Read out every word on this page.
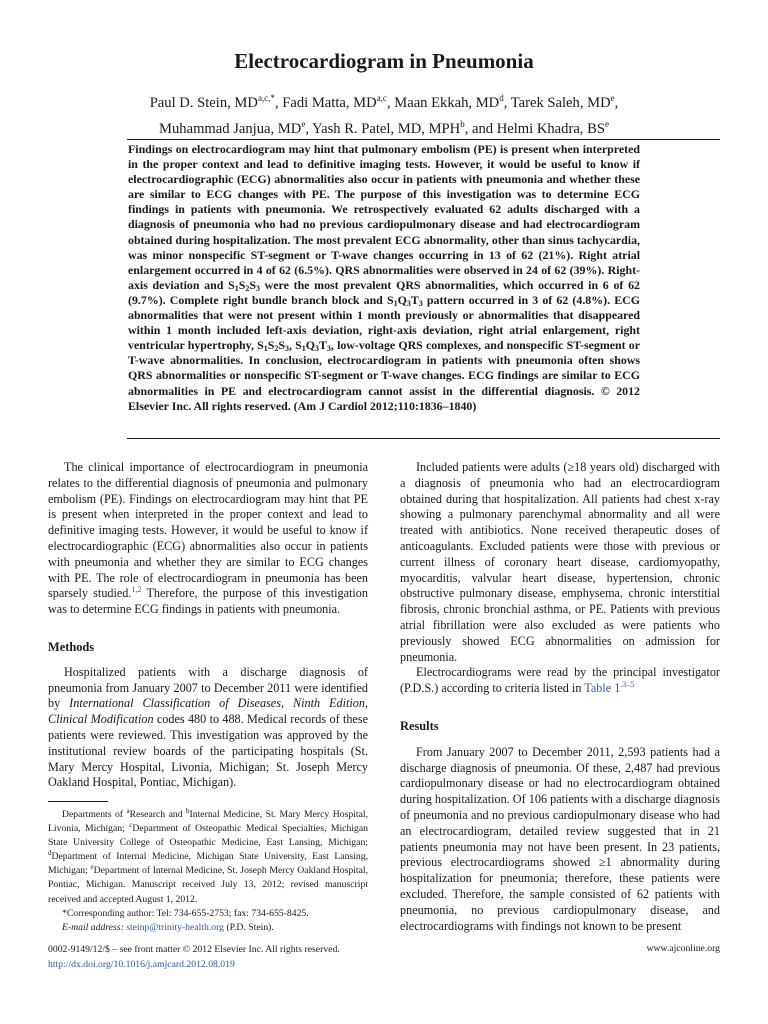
Electrocardiogram in Pneumonia
Paul D. Stein, $MD^{a,c,*}$, Fadi Matta, MD$^{a,c}$, Maan Ekkah, $MD^d$, Tarek Saleh, MDe,
Muhammad Janjua, MDe, Yash R. Patel, MD, MPH$^b$, and Helmi Khadra, $BS^e$

Findings on electrocardiogram may hint that pulmonary embolism (PE) is present when interpreted in the proper context and lead to definitive imaging tests. However, it would be useful to know if electrocardiographic (ECG) abnormalities also occur in patients with pneumonia and whether these are similar to ECG changes with PE. The purpose of this investigation was to determine ECG findings in patients with pneumonia. We retrospectively evaluated 62 adults discharged with a diagnosis of pneumonia who had no previous cardiopulmonary disease and had electrocardiogram obtained during hospitalization. The most prevalent ECG abnormality, other than sinus tachycardia, was minor nonspecific ST-segment or T-wave changes occurring in 13 of 62 (21%). Right atrial enlargement occurred in 4 of 62 (6.5%). QRS abnormalities were observed in 24 of 62 (39%). Right-axis deviation and $S_1S_2S_3$ were the most prevalent QRS abnormalities, which occurred in 6 of 62 (9.7%). Complete right bundle branch block and $S_1Q_3T_3$ pattern occurred in 3 of 62 (4.8%). ECG abnormalities that were not present within 1 month previously or abnormalities that disappeared within 1 month included left-axis deviation, right-axis deviation, right atrial enlargement, right ventricular hypertrophy, $S_1S_2S_3$, $S_1Q_3T_3$, low-voltage QRS complexes, and nonspecific ST-segment or T-wave abnormalities. In conclusion, electrocardiogram in patients with pneumonia often shows QRS abnormalities or nonspecific ST-segment or T-wave changes. ECG findings are similar to ECG abnormalities in PE and electrocardiogram cannot assist in the differential diagnosis. © 2012 Elsevier Inc. All rights reserved. (Am J Cardiol 2012;110:1836–1840)

The clinical importance of electrocardiogram in pneumonia relates to the differential diagnosis of pneumonia and pulmonary embolism (PE). Findings on electrocardiogram may hint that PE is present when interpreted in the proper context and lead to definitive imaging tests. However, it would be useful to know if electrocardiographic (ECG) abnormalities also occur in patients with pneumonia and whether they are similar to ECG changes with PE. The role of electrocardiogram in pneumonia has been sparsely studied.$^{1,2}$ Therefore, the purpose of this investigation was to determine ECG findings in patients with pneumonia.

Methods

Hospitalized patients with a discharge diagnosis of pneumonia from January 2007 to December 2011 were identified by International Classification of Diseases, Ninth Edition, Clinical Modification codes 480 to 488. Medical records of these patients were reviewed. This investigation was approved by the institutional review boards of the participating hospitals (St. Mary Mercy Hospital, Livonia, Michigan; St. Joseph Mercy Oakland Hospital, Pontiac, Michigan).

Departments of $^a$Research and $^b$Internal Medicine, St. Mary Mercy Hospital, Livonia, Michigan; $^c$Department of Osteopathic Medical Specialties, Michigan State University College of Osteopathic Medicine, East Lansing, Michigan; $^d$Department of Internal Medicine, Michigan State University, East Lansing, Michigan; $^e$Department of Internal Medicine, St. Joseph Mercy Oakland Hospital, Pontiac, Michigan. Manuscript received July 13, 2012; revised manuscript received and accepted August 1, 2012.

*Corresponding author: Tel: 734-655-2753; fax: 734-655-8425.

E-mail address: steinp@trinity-health.org (P.D. Stein).

Included patients were adults (≥18 years old) discharged with a diagnosis of pneumonia who had an electrocardiogram obtained during that hospitalization. All patients had chest x-ray showing a pulmonary parenchymal abnormality and all were treated with antibiotics. None received therapeutic doses of anticoagulants. Excluded patients were those with previous or current illness of coronary heart disease, cardiomyopathy, myocarditis, valvular heart disease, hypertension, chronic obstructive pulmonary disease, emphysema, chronic interstitial fibrosis, chronic bronchial asthma, or PE. Patients with previous atrial fibrillation were also excluded as were patients who previously showed ECG abnormalities on admission for pneumonia.

Electrocardiograms were read by the principal investigator (P.D.S.) according to criteria listed in Table 1$^{.3-5}$

Results

From January 2007 to December 2011, 2,593 patients had a discharge diagnosis of pneumonia. Of these, 2,487 had previous cardiopulmonary disease or had no electrocardiogram obtained during hospitalization. Of 106 patients with a discharge diagnosis of pneumonia and no previous cardiopulmonary disease who had an electrocardiogram, detailed review suggested that in 21 patients pneumonia may not have been present. In 23 patients, previous electrocardiograms showed ≥1 abnormality during hospitalization for pneumonia; therefore, these patients were excluded. Therefore, the sample consisted of 62 patients with pneumonia, no previous cardiopulmonary disease, and electrocardiograms with findings not known to be present

0002-9149/12/$ – see front matter © 2012 Elsevier Inc. All rights reserved.
http://dx.doi.org/10.1016/j.amjcard.2012.08.019
www.ajconline.org
